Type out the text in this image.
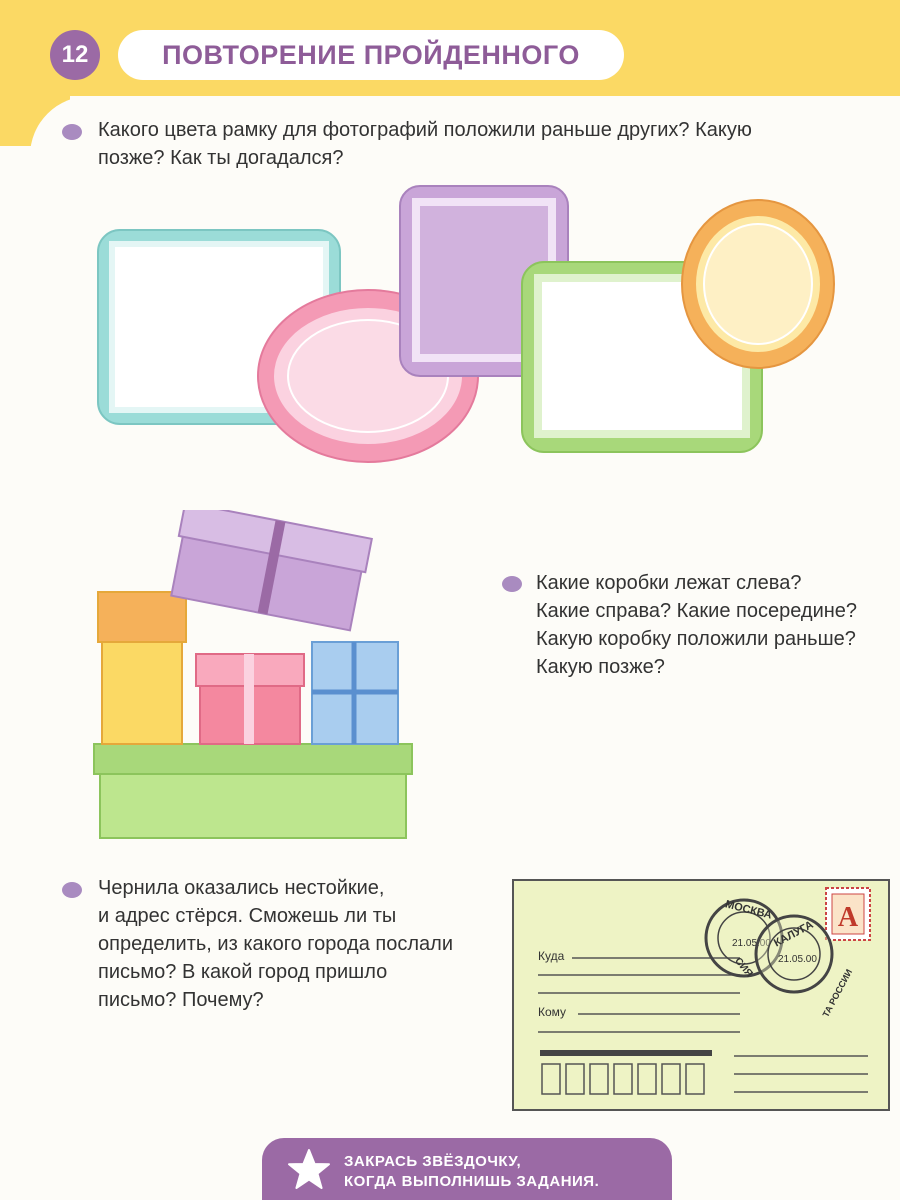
12	ПОВТОРЕНИЕ ПРОЙДЕННОГО
Какого цвета рамку для фотографий положили раньше других? Какую
позже? Как ты догадался?
Какие коробки лежат слева?
Какие справа? Какие посередине?
Какую коробку положили раньше?
Какую позже?
Чернила оказались нестойкие,
и адрес стёрся. Сможешь ли ты
определить, из какого города послали
письмо? В какой город пришло
письмо? Почему?
Куда
Кому
А
МОСКВА
21.05.00
СИЯ
КАЛУГА
21.05.00
ТА РОССИИ
ЗАКРАСЬ ЗВЁЗДОЧКУ,
КОГДА ВЫПОЛНИШЬ ЗАДАНИЯ.
